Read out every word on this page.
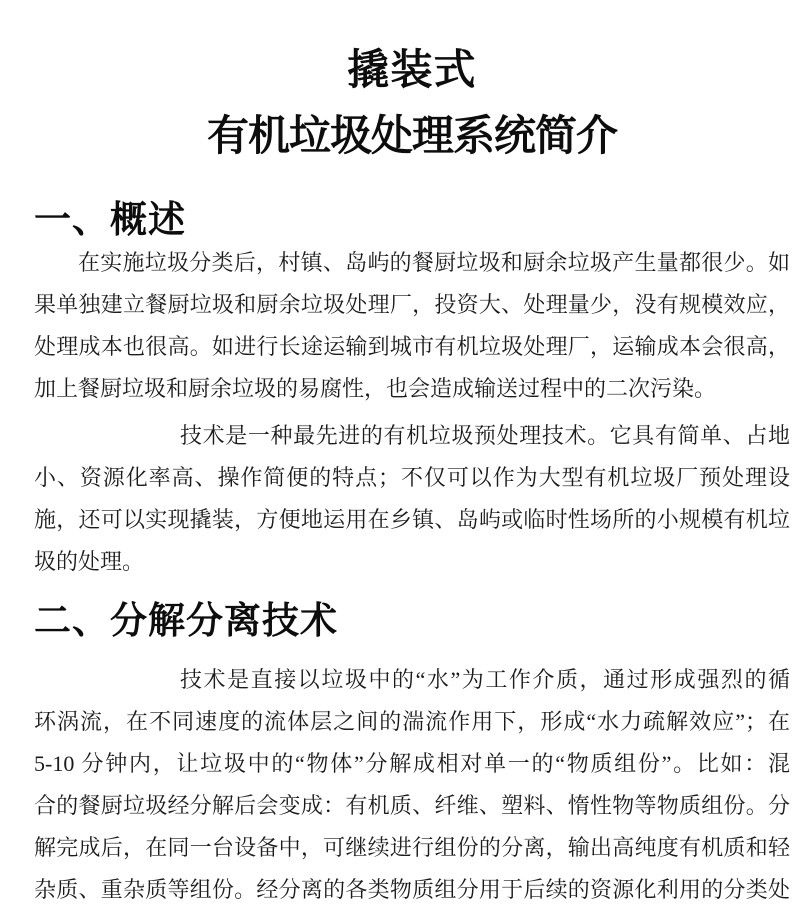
撬装式
有机垃圾处理系统简介
一、概述
在实施垃圾分类后，村镇、岛屿的餐厨垃圾和厨余垃圾产生量都很少。如
果单独建立餐厨垃圾和厨余垃圾处理厂，投资大、处理量少，没有规模效应，
处理成本也很高。如进行长途运输到城市有机垃圾处理厂，运输成本会很高，
加上餐厨垃圾和厨余垃圾的易腐性，也会造成输送过程中的二次污染。
技术是一种最先进的有机垃圾预处理技术。它具有简单、占地
小、资源化率高、操作简便的特点；不仅可以作为大型有机垃圾厂预处理设
施，还可以实现撬装，方便地运用在乡镇、岛屿或临时性场所的小规模有机垃
圾的处理。
二、分解分离技术
技术是直接以垃圾中的“水”为工作介质，通过形成强烈的循
环涡流，在不同速度的流体层之间的湍流作用下，形成“水力疏解效应”；在
5-10 分钟内，让垃圾中的“物体”分解成相对单一的“物质组份”。比如：混
合的餐厨垃圾经分解后会变成：有机质、纤维、塑料、惰性物等物质组份。分
解完成后，在同一台设备中，可继续进行组份的分离，输出高纯度有机质和轻
杂质、重杂质等组份。经分离的各类物质组分用于后续的资源化利用的分类处
